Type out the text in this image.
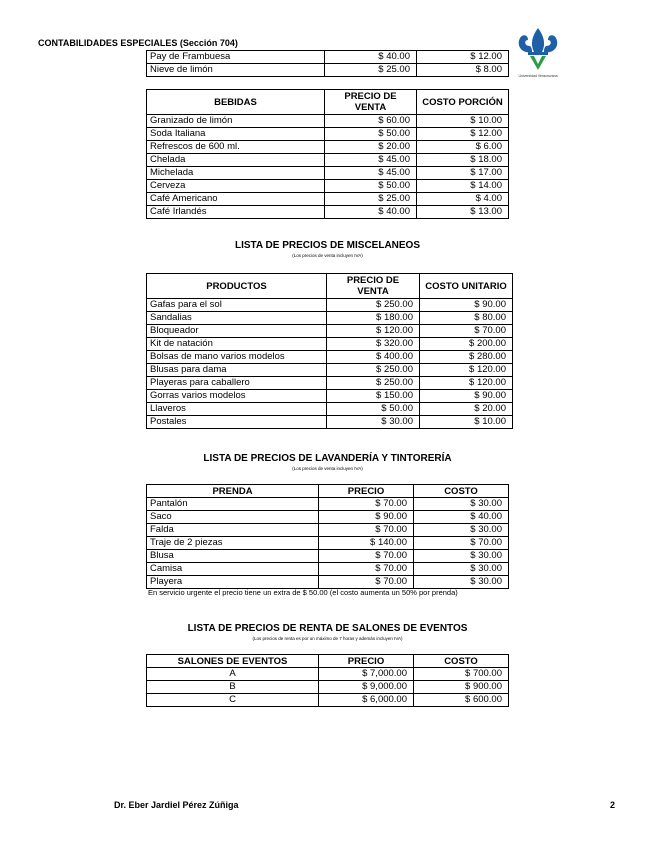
CONTABILIDADES ESPECIALES (Sección 704)
Universidad Veracruzana
Pay de Frambuesa	$ 40.00	$ 12.00
Nieve de limón	$ 25.00	$ 8.00
BEBIDAS	PRECIO DE VENTA	COSTO PORCIÓN
Granizado de limón	$ 60.00	$ 10.00
Soda Italiana	$ 50.00	$ 12.00
Refrescos de 600 ml.	$ 20.00	$ 6.00
Chelada	$ 45.00	$ 18.00
Michelada	$ 45.00	$ 17.00
Cerveza	$ 50.00	$ 14.00
Café Americano	$ 25.00	$ 4.00
Café Irlandés	$ 40.00	$ 13.00
LISTA DE PRECIOS DE MISCELANEOS
(Los precios de venta incluyen IVA)
PRODUCTOS	PRECIO DE VENTA	COSTO UNITARIO
Gafas para el sol	$ 250.00	$ 90.00
Sandalias	$ 180.00	$ 80.00
Bloqueador	$ 120.00	$ 70.00
Kit de natación	$ 320.00	$ 200.00
Bolsas de mano varios modelos	$ 400.00	$ 280.00
Blusas para dama	$ 250.00	$ 120.00
Playeras para caballero	$ 250.00	$ 120.00
Gorras varios modelos	$ 150.00	$ 90.00
Llaveros	$ 50.00	$ 20.00
Postales	$ 30.00	$ 10.00
LISTA DE PRECIOS DE LAVANDERÍA Y TINTORERÍA
(Los precios de venta incluyen IVA)
PRENDA	PRECIO	COSTO
Pantalón	$ 70.00	$ 30.00
Saco	$ 90.00	$ 40.00
Falda	$ 70.00	$ 30.00
Traje de 2 piezas	$ 140.00	$ 70.00
Blusa	$ 70.00	$ 30.00
Camisa	$ 70.00	$ 30.00
Playera	$ 70.00	$ 30.00
En servicio urgente el precio tiene un extra de $ 50.00 (el costo aumenta un 50% por prenda)
LISTA DE PRECIOS DE RENTA DE SALONES DE EVENTOS
(Los precios de renta es por un máximo de 7 horas y además incluyen IVA)
SALONES DE EVENTOS	PRECIO	COSTO
A	$ 7,000.00	$ 700.00
B	$ 9,000.00	$ 900.00
C	$ 6,000.00	$ 600.00
Dr. Eber Jardiel Pérez Zúñiga	2
